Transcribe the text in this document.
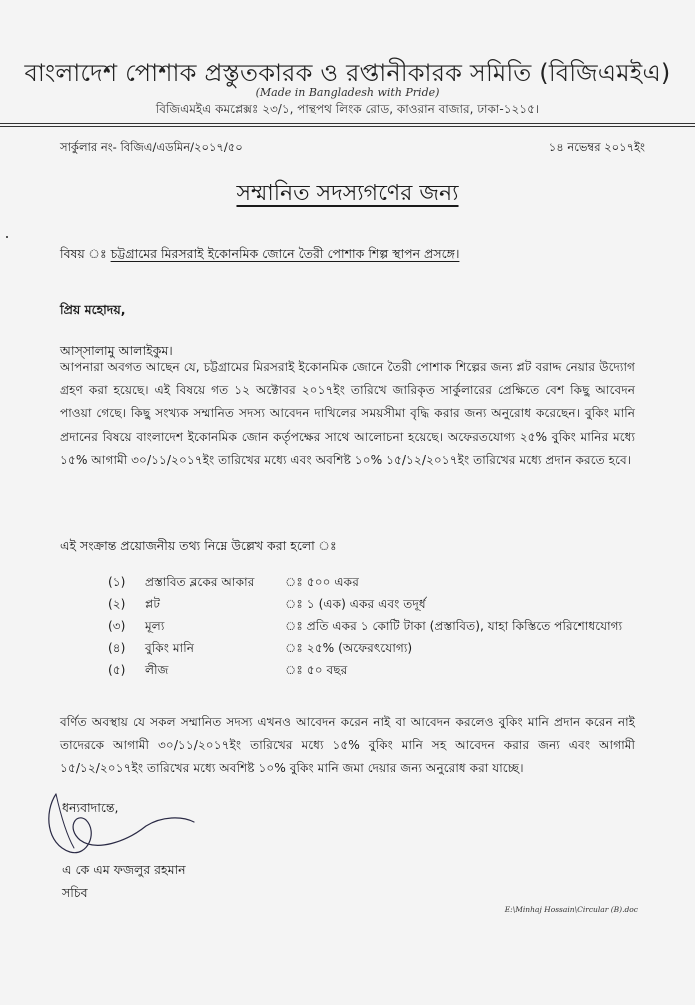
বাংলাদেশ পোশাক প্রস্তুতকারক ও রপ্তানীকারক সমিতি (বিজিএমইএ)
(Made in Bangladesh with Pride)
বিজিএমইএ কমপ্লেক্সঃ ২৩/১, পান্থপথ লিংক রোড, কাওরান বাজার, ঢাকা-১২১৫।
সার্কুলার নং- বিজিএ/এডমিন/২০১৭/৫০	১৪ নভেম্বর ২০১৭ইং
সম্মানিত সদস্যগণের জন্য
বিষয় ঃ চট্টগ্রামের মিরসরাই ইকোনমিক জোনে তৈরী পোশাক শিল্প স্থাপন প্রসঙ্গে।
প্রিয় মহোদয়,
আস্সালামু আলাইকুম।

আপনারা অবগত আছেন যে, চট্টগ্রামের মিরসরাই ইকোনমিক জোনে তৈরী পোশাক শিল্পের জন্য প্লট বরাদ্দ নেয়ার উদ্যোগ গ্রহণ করা হয়েছে। এই বিষয়ে গত ১২ অক্টোবর ২০১৭ইং তারিখে জারিকৃত সার্কুলারের প্রেক্ষিতে বেশ কিছু আবেদন পাওয়া গেছে। কিছু সংখ্যক সম্মানিত সদস্য আবেদন দাখিলের সময়সীমা বৃদ্ধি করার জন্য অনুরোধ করেছেন। বুকিং মানি প্রদানের বিষয়ে বাংলাদেশ ইকোনমিক জোন কর্তৃপক্ষের সাথে আলোচনা হয়েছে। অফেরতযোগ্য ২৫% বুকিং মানির মধ্যে ১৫% আগামী ৩০/১১/২০১৭ইং তারিখের মধ্যে এবং অবশিষ্ট ১০% ১৫/১২/২০১৭ইং তারিখের মধ্যে প্রদান করতে হবে।

এই সংক্রান্ত প্রয়োজনীয় তথ্য নিম্নে উল্লেখ করা হলো ঃ
(১) প্রস্তাবিত ব্লকের আকার	ঃ ৫০০ একর
(২) প্লট	ঃ ১ (এক) একর এবং তদূর্ধ
(৩) মূল্য	ঃ প্রতি একর ১ কোটি টাকা (প্রস্তাবিত), যাহা কিস্তিতে পরিশোধযোগ্য
(৪) বুকিং মানি	ঃ ২৫% (অফেরৎযোগ্য)
(৫) লীজ	ঃ ৫০ বছর

বর্ণিত অবস্থায় যে সকল সম্মানিত সদস্য এখনও আবেদন করেন নাই বা আবেদন করলেও বুকিং মানি প্রদান করেন নাই তাদেরকে আগামী ৩০/১১/২০১৭ইং তারিখের মধ্যে ১৫% বুকিং মানি সহ আবেদন করার জন্য এবং আগামী ১৫/১২/২০১৭ইং তারিখের মধ্যে অবশিষ্ট ১০% বুকিং মানি জমা দেয়ার জন্য অনুরোধ করা যাচ্ছে।

ধন্যবাদান্তে,
এ কে এম ফজলুর রহমান
সচিব
E:\Minhaj Hossain\Circular (B).doc
